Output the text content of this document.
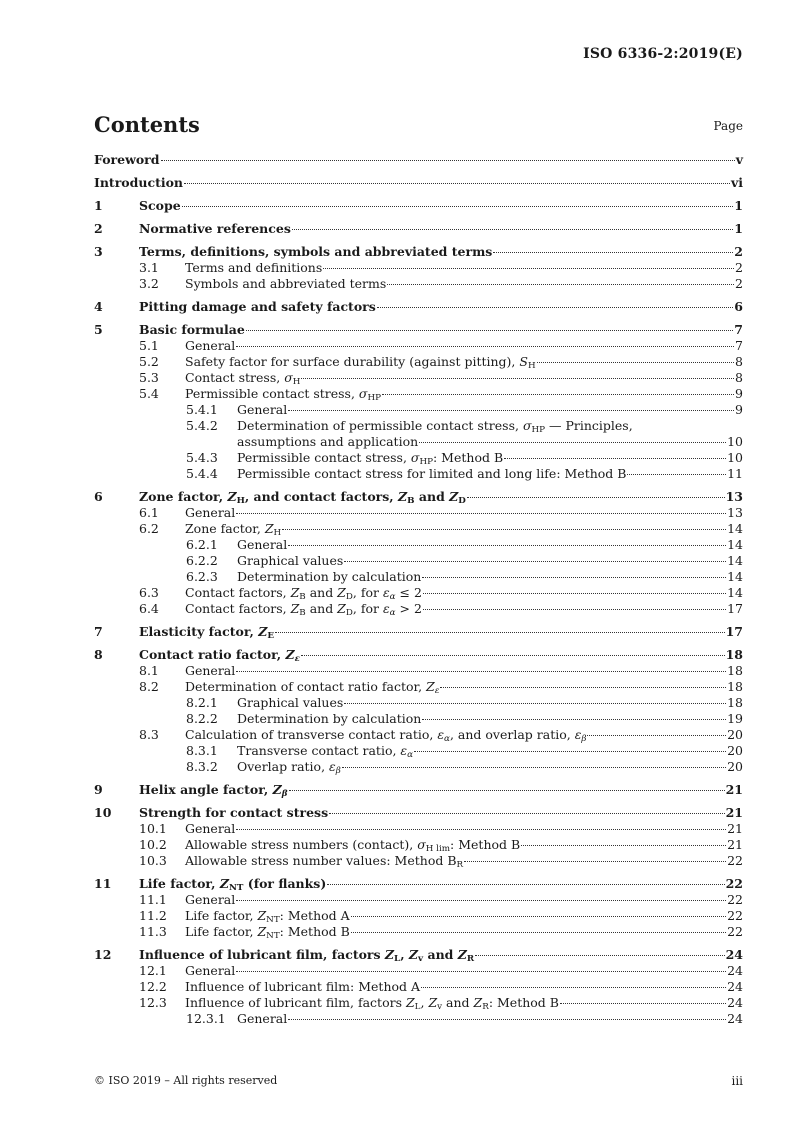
ISO 6336-2:2019(E)
Contents	Page
Foreword	v
Introduction	vi
1	Scope	1
2	Normative references	1
3	Terms, definitions, symbols and abbreviated terms	2
3.1 Terms and definitions	2
3.2 Symbols and abbreviated terms	2
4	Pitting damage and safety factors	6
5	Basic formulae	7
5.1 General	7
5.2 Safety factor for surface durability (against pitting), $S_H$	8
5.3 Contact stress, $\sigma_H$	8
5.4 Permissible contact stress, $\sigma_{HP}$	9
5.4.1 General	9
5.4.2 Determination of permissible contact stress, $\sigma_{HP}$ — Principles,
assumptions and application	10
5.4.3 Permissible contact stress, $\sigma_{HP}$: Method B	10
5.4.4 Permissible contact stress for limited and long life: Method B	11
6	Zone factor, $Z_H$, and contact factors, $Z_B$ and $Z_D$	13
6.1 General	13
6.2 Zone factor, $Z_H$	14
6.2.1 General	14
6.2.2 Graphical values	14
6.2.3 Determination by calculation	14
6.3 Contact factors, $Z_B$ and $Z_D$, for $\varepsilon_\alpha \le 2$	14
6.4 Contact factors, $Z_B$ and $Z_D$, for $\varepsilon_\alpha > 2$	17
7	Elasticity factor, $Z_E$	17
8	Contact ratio factor, $Z_\varepsilon$	18
8.1 General	18
8.2 Determination of contact ratio factor, $Z_\varepsilon$	18
8.2.1 Graphical values	18
8.2.2 Determination by calculation	19
8.3 Calculation of transverse contact ratio, $\varepsilon_\alpha$, and overlap ratio, $\varepsilon_\beta$	20
8.3.1 Transverse contact ratio, $\varepsilon_\alpha$	20
8.3.2 Overlap ratio, $\varepsilon_\beta$	20
9	Helix angle factor, $Z_\beta$	21
10 Strength for contact stress	21
10.1 General	21
10.2 Allowable stress numbers (contact), $\sigma_{H lim}$: Method B	21
10.3 Allowable stress number values: Method $B_R$	22
11 Life factor, $Z_{NT}$ (for flanks)	22
11.1 General	22
11.2 Life factor, $Z_{NT}$: Method A	22
11.3 Life factor, $Z_{NT}$: Method B	22
12 Influence of lubricant film, factors $Z_L$, $Z_v$ and $Z_R$	24
12.1 General	24
12.2 Influence of lubricant film: Method A	24
12.3 Influence of lubricant film, factors $Z_L$, $Z_v$ and $Z_R$: Method B	24
12.3.1 General	24
© ISO 2019 – All rights reserved	iii
